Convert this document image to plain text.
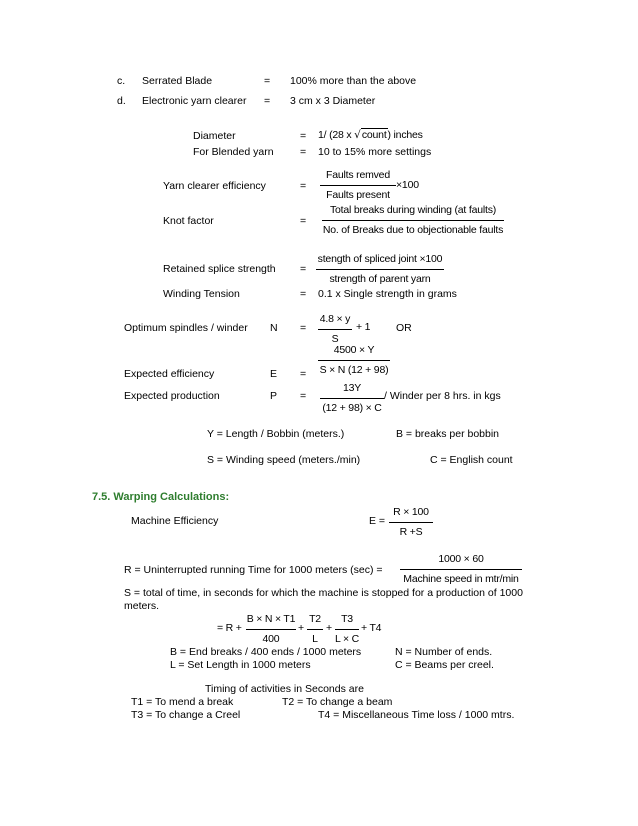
c. Serrated Blade	= 100% more than the above
d. Electronic yarn clearer = 3 cm x 3 Diameter
Diameter	= 1/ (28 x √count) inches
For Blended yarn	= 10 to 15% more settings
Yarn clearer efficiency	=
Faults remved
Faults present
×100
Knot factor	=
Total breaks during winding (at faults)
No. of Breaks due to objectionable faults
Retained splice strength =
stength of spliced joint ×100
strength of parent yarn
Winding Tension	= 0.1 x Single strength in grams
Optimum spindles / winder N =
4.8 × y
S
+ 1 OR
Expected efficiency	E =
4500 × Y
S × N (12 + 98)
Expected production	P =
13Y
(12 + 98) × C
/ Winder per 8 hrs. in kgs
Y = Length / Bobbin (meters.)	B = breaks per bobbin
S = Winding speed (meters./min)	C = English count
7.5. Warping Calculations:
Machine Efficiency	E =
R × 100
R +S
R = Uninterrupted running Time for 1000 meters (sec) =
1000 × 60
Machine speed in mtr/min
S = total of time, in seconds for which the machine is stopped for a production of 1000
meters.
= R +
B × N × T1
400
+
T2
L
+
T3
L × C
+ T4
B = End breaks / 400 ends / 1000 meters	N = Number of ends.
L = Set Length in 1000 meters	C = Beams per creel.
Timing of activities in Seconds are
T1 = To mend a break	T2 = To change a beam
T3 = To change a Creel	T4 = Miscellaneous Time loss / 1000 mtrs.
